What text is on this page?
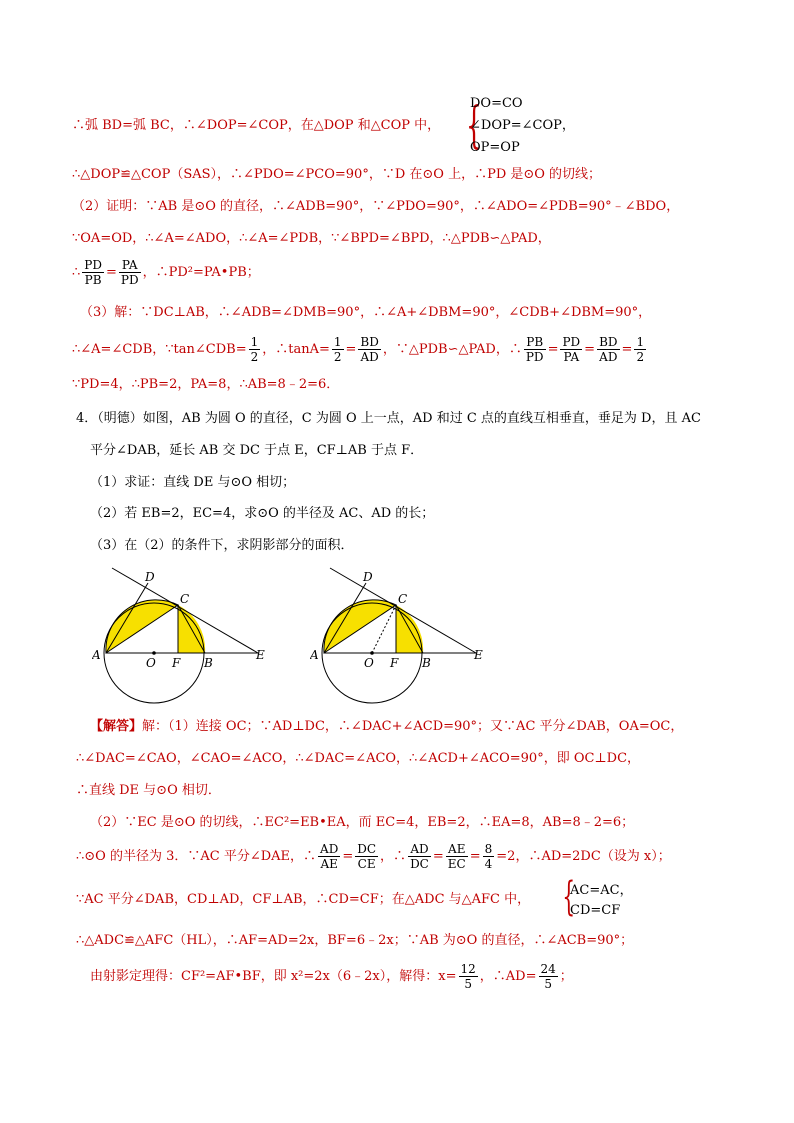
∴弧 BD=弧 BC，∴∠DOP=∠COP，在△DOP 和△COP 中， {
DO=CO
∠DOP=∠COP，
OP=OP
∴△DOP≌△COP（SAS），∴∠PDO=∠PCO=90°，∵D 在⊙O 上，∴PD 是⊙O 的切线；
（2）证明：∵AB 是⊙O 的直径，∴∠ADB=90°，∵∠PDO=90°，∴∠ADO=∠PDB=90°﹣∠BDO，
∵OA=OD，∴∠A=∠ADO，∴∠A=∠PDB，∵∠BPD=∠BPD，∴△PDB∽△PAD，
∴ $\frac{PD}{PB} = \frac{PA}{PD}$ ，∴PD²=PA•PB；
（3）解：∵DC⊥AB，∴∠ADB=∠DMB=90°，∴∠A+∠DBM=90°，∠CDB+∠DBM=90°，
∴∠A=∠CDB，∵tan∠CDB= $\frac{1}{2}$ ，∴tanA= $\frac{1}{2} = \frac{BD}{AD}$ ，∵△PDB∽△PAD，∴ $\frac{PB}{PD} = \frac{PD}{PA} = \frac{BD}{AD} = \frac{1}{2}$
∵PD=4，∴PB=2，PA=8，∴AB=8﹣2=6．
4．（明德）如图，AB 为圆 O 的直径，C 为圆 O 上一点，AD 和过 C 点的直线互相垂直，垂足为 D，且 AC
平分∠DAB，延长 AB 交 DC 于点 E，CF⊥AB 于点 F．
（1）求证：直线 DE 与⊙O 相切；
（2）若 EB=2，EC=4，求⊙O 的半径及 AC、AD 的长；
（3）在（2）的条件下，求阴影部分的面积．
D
C
A
O F B
E
D
C
A
O F B
E
【解答】解：（1）连接 OC；∵AD⊥DC，∴∠DAC+∠ACD=90°；又∵AC 平分∠DAB，OA=OC，
∴∠DAC=∠CAO，∠CAO=∠ACO，∴∠DAC=∠ACO，∴∠ACD+∠ACO=90°，即 OC⊥DC，
∴直线 DE 与⊙O 相切．
（2）∵EC 是⊙O 的切线，∴EC²=EB•EA，而 EC=4，EB=2，∴EA=8，AB=8﹣2=6；
∴⊙O 的半径为 3．∵AC 平分∠DAE，∴ $\frac{AD}{AE} = \frac{DC}{CE}$ ，∴ $\frac{AD}{DC} = \frac{AE}{EC} = \frac{8}{4} =2$，∴AD=2DC（设为 x）；
∵AC 平分∠DAB，CD⊥AD，CF⊥AB，∴CD=CF；在△ADC 与△AFC 中， {
AC=AC，
CD=CF
∴△ADC≌△AFC（HL），∴AF=AD=2x，BF=6﹣2x；∵AB 为⊙O 的直径，∴∠ACB=90°；
由射影定理得：CF²=AF•BF，即 x²=2x（6﹣2x），解得：$x= \frac{12}{5}$ ，∴AD= $\frac{24}{5}$ ；
